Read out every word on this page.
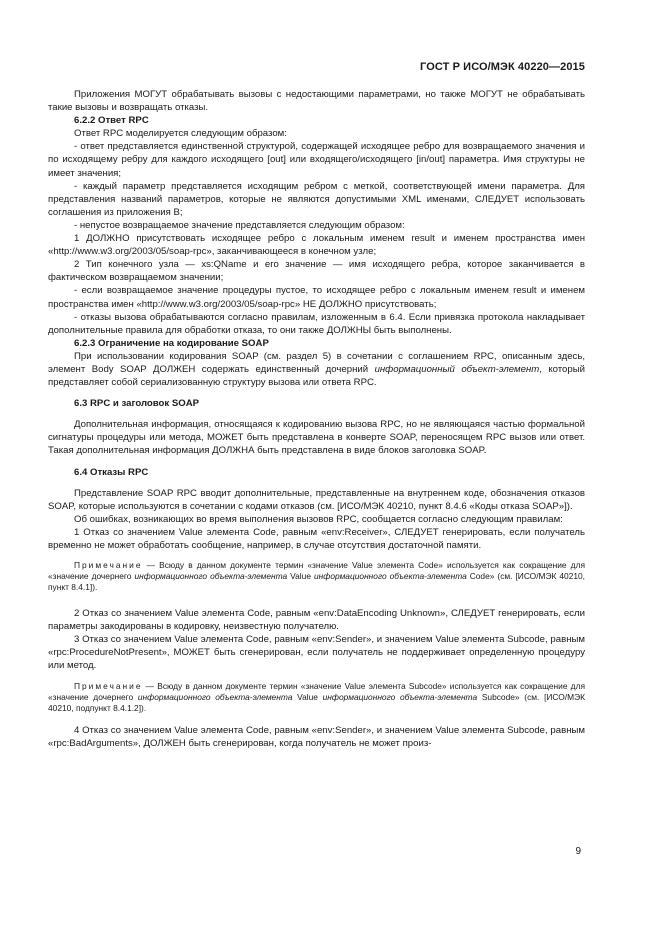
ГОСТ Р ИСО/МЭК 40220—2015

Приложения МОГУТ обрабатывать вызовы с недостающими параметрами, но также МОГУТ не обрабатывать такие вызовы и возвращать отказы.

6.2.2 Ответ RPC

Ответ RPC моделируется следующим образом:

- ответ представляется единственной структурой, содержащей исходящее ребро для возвращаемого значения и по исходящему ребру для каждого исходящего [out] или входящего/исходящего [in/out] параметра. Имя структуры не имеет значения;

- каждый параметр представляется исходящим ребром с меткой, соответствующей имени параметра. Для представления названий параметров, которые не являются допустимыми XML именами, СЛЕДУЕТ использовать соглашения из приложения В;

- непустое возвращаемое значение представляется следующим образом:

1 ДОЛЖНО присутствовать исходящее ребро с локальным именем result и именем пространства имен «http://www.w3.org/2003/05/soap-rpc», заканчивающееся в конечном узле;

2 Тип конечного узла — xs:QName и его значение — имя исходящего ребра, которое заканчивается в фактическом возвращаемом значении;

- если возвращаемое значение процедуры пустое, то исходящее ребро с локальным именем result и именем пространства имен «http://www.w3.org/2003/05/soap-rpc» НЕ ДОЛЖНО присутствовать;

- отказы вызова обрабатываются согласно правилам, изложенным в 6.4. Если привязка протокола накладывает дополнительные правила для обработки отказа, то они также ДОЛЖНЫ быть выполнены.

6.2.3 Ограничение на кодирование SOAP

При использовании кодирования SOAP (см. раздел 5) в сочетании с соглашением RPC, описанным здесь, элемент Body SOAP ДОЛЖЕН содержать единственный дочерний информационный объект-элемент, который представляет собой сериализованную структуру вызова или ответа RPC.

6.3 RPC и заголовок SOAP

Дополнительная информация, относящаяся к кодированию вызова RPC, но не являющаяся частью формальной сигнатуры процедуры или метода, МОЖЕТ быть представлена в конверте SOAP, переносящем RPC вызов или ответ. Такая дополнительная информация ДОЛЖНА быть представлена в виде блоков заголовка SOAP.

6.4 Отказы RPC

Представление SOAP RPC вводит дополнительные, представленные на внутреннем коде, обозначения отказов SOAP, которые используются в сочетании с кодами отказов (см. [ИСО/МЭК 40210, пункт 8.4.6 «Коды отказа SOAP»]).

Об ошибках, возникающих во время выполнения вызовов RPC, сообщается согласно следующим правилам:

1 Отказ со значением Value элемента Code, равным «env:Receiver», СЛЕДУЕТ генерировать, если получатель временно не может обработать сообщение, например, в случае отсутствия достаточной памяти.

Примечание — Всюду в данном документе термин «значение Value элемента Code» используется как сокращение для «значение дочернего информационного объекта-элемента Value информационного объекта-элемента Code» (см. [ИСО/МЭК 40210, пункт 8.4.1]).

2 Отказ со значением Value элемента Code, равным «env:DataEncoding Unknown», СЛЕДУЕТ генерировать, если параметры закодированы в кодировку, неизвестную получателю.

3 Отказ со значением Value элемента Code, равным «env:Sender», и значением Value элемента Subcode, равным «rpc:ProcedureNotPresent», МОЖЕТ быть сгенерирован, если получатель не поддерживает определенную процедуру или метод.

Примечание — Всюду в данном документе термин «значение Value элемента Subcode» используется как сокращение для «значение дочернего информационного объекта-элемента Value информационного объекта-элемента Subcode» (см. [ИСО/МЭК 40210, подпункт 8.4.1.2]).

4 Отказ со значением Value элемента Code, равным «env:Sender», и значением Value элемента Subcode, равным «rpc:BadArguments», ДОЛЖЕН быть сгенерирован, когда получатель не может произ-

9
